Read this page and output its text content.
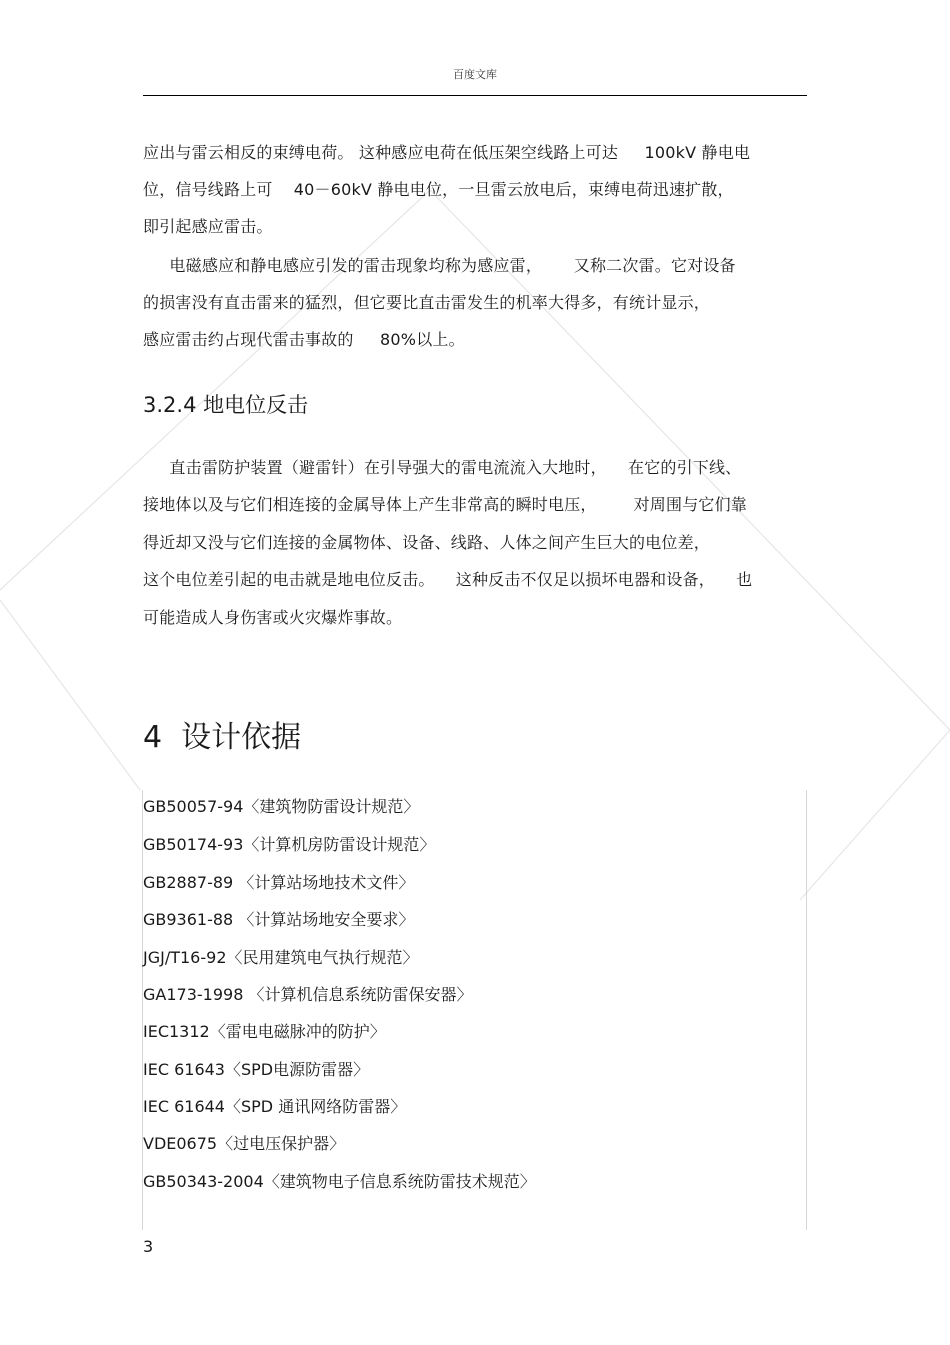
百度文库
应出与雷云相反的束缚电荷。 这种感应电荷在低压架空线路上可达     100kV 静电电
位，信号线路上可    40－60kV 静电电位，一旦雷云放电后，束缚电荷迅速扩散，
即引起感应雷击。
电磁感应和静电感应引发的雷击现象均称为感应雷，      又称二次雷。它对设备
的损害没有直击雷来的猛烈，但它要比直击雷发生的机率大得多，有统计显示，
感应雷击约占现代雷击事故的     80%以上。
3.2.4 地电位反击
直击雷防护装置（避雷针）在引导强大的雷电流流入大地时，    在它的引下线、
接地体以及与它们相连接的金属导体上产生非常高的瞬时电压，       对周围与它们靠
得近却又没与它们连接的金属物体、设备、线路、人体之间产生巨大的电位差，
这个电位差引起的电击就是地电位反击。    这种反击不仅足以损坏电器和设备，    也
可能造成人身伤害或火灾爆炸事故。
4  设计依据
GB50057-94〈建筑物防雷设计规范〉
GB50174-93〈计算机房防雷设计规范〉
GB2887-89 〈计算站场地技术文件〉
GB9361-88 〈计算站场地安全要求〉
JGJ/T16-92〈民用建筑电气执行规范〉
GA173-1998 〈计算机信息系统防雷保安器〉
IEC1312〈雷电电磁脉冲的防护〉
IEC 61643〈SPD电源防雷器〉
IEC 61644〈SPD 通讯网络防雷器〉
VDE0675〈过电压保护器〉
GB50343-2004〈建筑物电子信息系统防雷技术规范〉
3
